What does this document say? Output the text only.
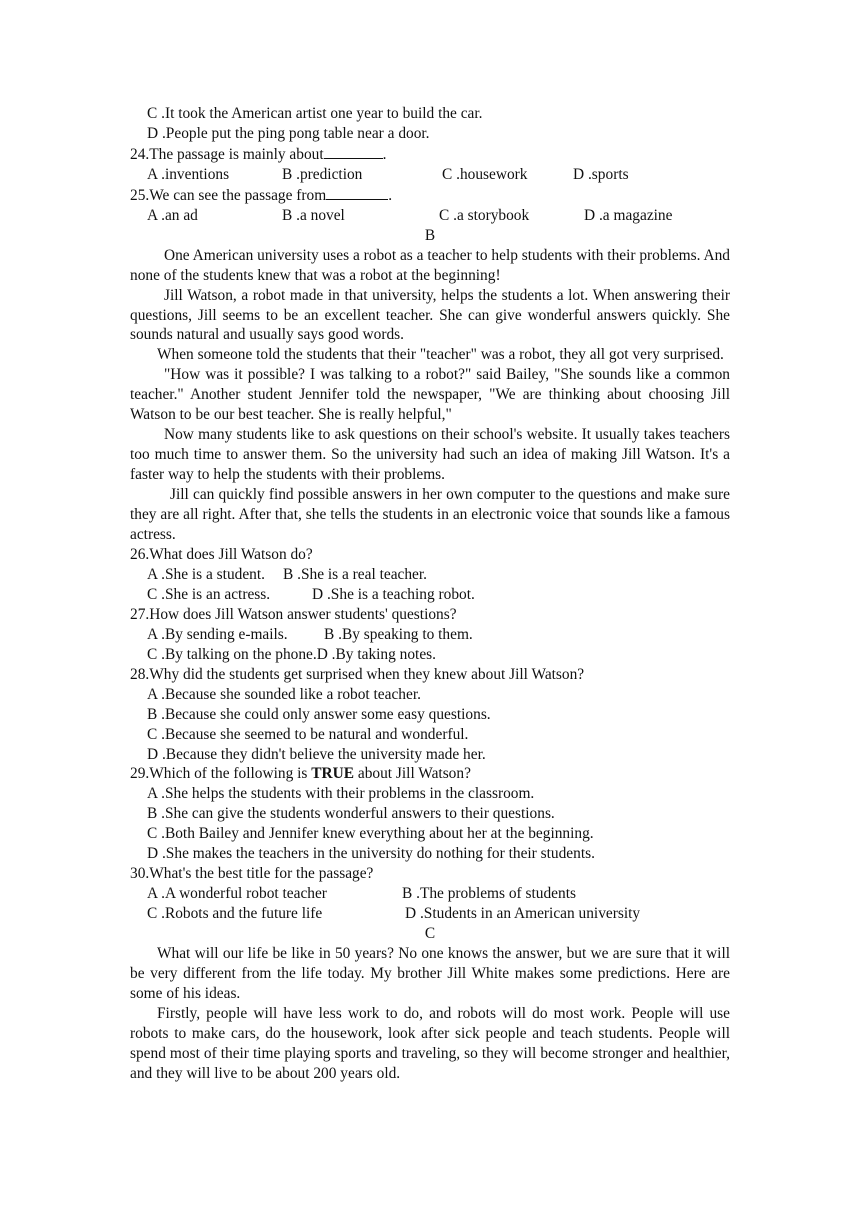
C .It took the American artist one year to build the car.
D .People put the ping pong table near a door.
24.The passage is mainly about	.
A .inventions	B .prediction	C .housework	D .sports
25.We can see the passage from	.
A .an ad	B .a novel	C .a storybook	D .a magazine
B
One American university uses a robot as a teacher to help students with their problems. And none of the students knew that was a robot at the beginning!
Jill Watson, a robot made in that university, helps the students a lot. When answering their questions, Jill seems to be an excellent teacher. She can give wonderful answers quickly. She sounds natural and usually says good words.
When someone told the students that their "teacher" was a robot, they all got very surprised.
"How was it possible? I was talking to a robot?" said Bailey, "She sounds like a common teacher." Another student Jennifer told the newspaper, "We are thinking about choosing Jill Watson to be our best teacher. She is really helpful,"
Now many students like to ask questions on their school's website. It usually takes teachers too much time to answer them. So the university had such an idea of making Jill Watson. It's a faster way to help the students with their problems.
Jill can quickly find possible answers in her own computer to the questions and make sure they are all right. After that, she tells the students in an electronic voice that sounds like a famous actress.
26.What does Jill Watson do?
A .She is a student. B .She is a real teacher.
C .She is an actress.	D .She is a teaching robot.
27.How does Jill Watson answer students' questions?
A .By sending e-mails. B .By speaking to them.
C .By talking on the phone.D .By taking notes.
28.Why did the students get surprised when they knew about Jill Watson?
A .Because she sounded like a robot teacher.
B .Because she could only answer some easy questions.
C .Because she seemed to be natural and wonderful.
D .Because they didn't believe the university made her.
29.Which of the following is TRUE about Jill Watson?
A .She helps the students with their problems in the classroom.
B .She can give the students wonderful answers to their questions.
C .Both Bailey and Jennifer knew everything about her at the beginning.
D .She makes the teachers in the university do nothing for their students.
30.What's the best title for the passage?
A .A wonderful robot teacher	B .The problems of students
C .Robots and the future life	D .Students in an American university
C
What will our life be like in 50 years? No one knows the answer, but we are sure that it will be very different from the life today. My brother Jill White makes some predictions. Here are some of his ideas.
Firstly, people will have less work to do, and robots will do most work. People will use robots to make cars, do the housework, look after sick people and teach students. People will spend most of their time playing sports and traveling, so they will become stronger and healthier, and they will live to be about 200 years old.
